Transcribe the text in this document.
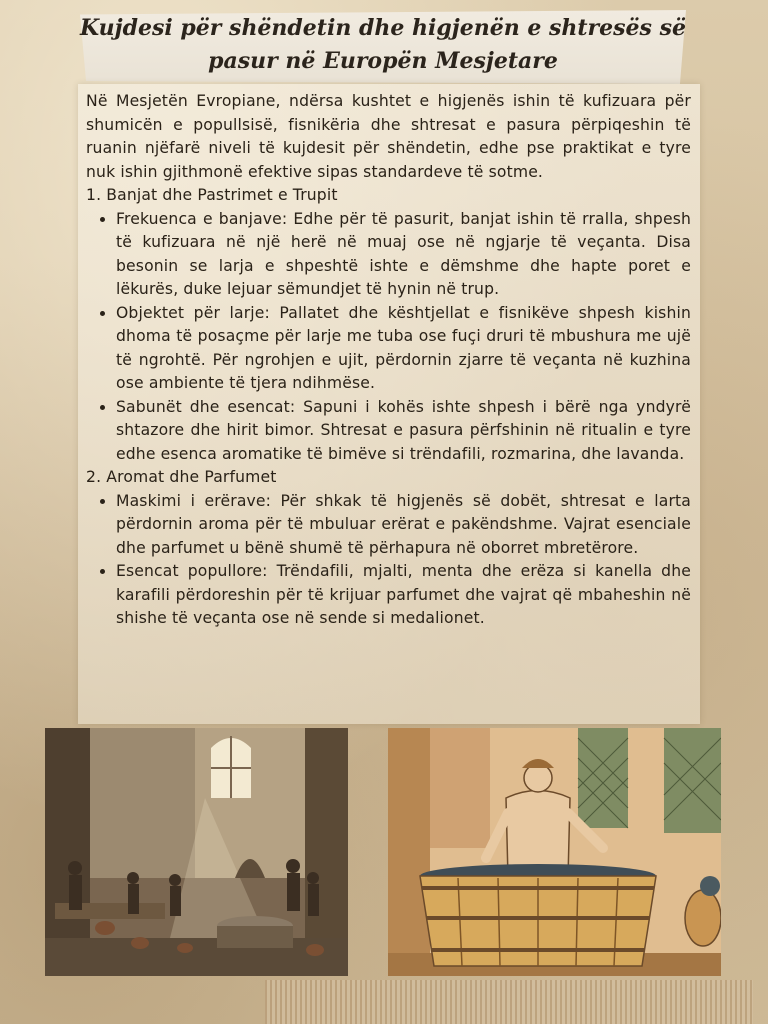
Kujdesi për shëndetin dhe higjenën e shtresës së pasur në Europën Mesjetare

Në Mesjetën Evropiane, ndërsa kushtet e higjenës ishin të kufizuara për shumicën e popullsisë, fisnikëria dhe shtresat e pasura përpiqeshin të ruanin njëfarë niveli të kujdesit për shëndetin, edhe pse praktikat e tyre nuk ishin gjithmonë efektive sipas standardeve të sotme.

1. Banjat dhe Pastrimet e Trupit

• Frekuenca e banjave: Edhe për të pasurit, banjat ishin të rralla, shpesh të kufizuara në një herë në muaj ose në ngjarje të veçanta. Disa besonin se larja e shpeshtë ishte e dëmshme dhe hapte poret e lëkurës, duke lejuar sëmundjet të hynin në trup.
• Objektet për larje: Pallatet dhe kështjellat e fisnikëve shpesh kishin dhoma të posaçme për larje me tuba ose fuçi druri të mbushura me ujë të ngrohtë. Për ngrohjen e ujit, përdornin zjarre të veçanta në kuzhina ose ambiente të tjera ndihmëse.
• Sabunët dhe esencat: Sapuni i kohës ishte shpesh i bërë nga yndyrë shtazore dhe hirit bimor. Shtresat e pasura përfshinin në ritualin e tyre edhe esenca aromatike të bimëve si trëndafili, rozmarina, dhe lavanda.

2. Aromat dhe Parfumet

• Maskimi i erërave: Për shkak të higjenës së dobët, shtresat e larta përdornin aroma për të mbuluar erërat e pakëndshme. Vajrat esenciale dhe parfumet u bënë shumë të përhapura në oborret mbretërore.
• Esencat popullore: Trëndafili, mjalti, menta dhe erëza si kanella dhe karafili përdoreshin për të krijuar parfumet dhe vajrat që mbaheshin në shishe të veçanta ose në sende si medalionet.
